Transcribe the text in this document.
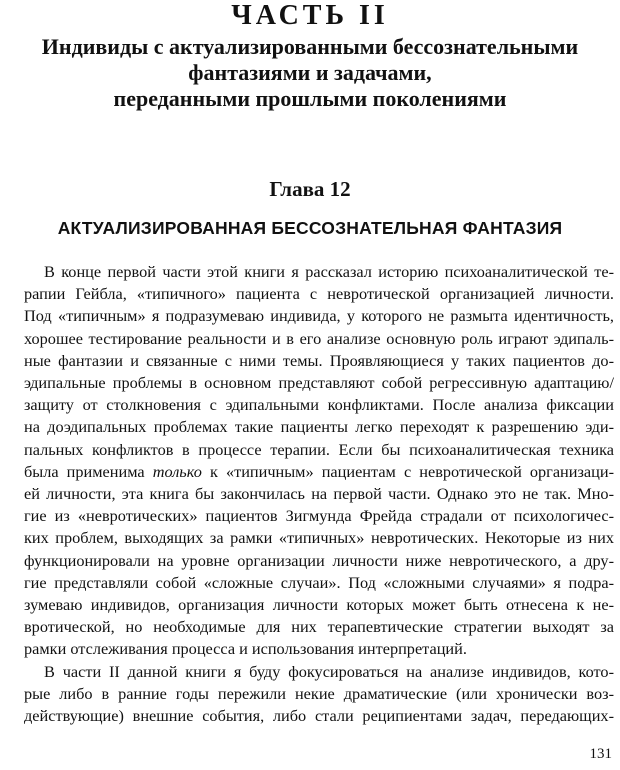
ЧАСТЬ II
Индивиды с актуализированными бессознательными
фантазиями и задачами,
переданными прошлыми поколениями
Глава 12
АКТУАЛИЗИРОВАННАЯ БЕССОЗНАТЕЛЬНАЯ ФАНТАЗИЯ
В конце первой части этой книги я рассказал историю психоаналитической те-
рапии Гейбла, «типичного» пациента с невротической организацией личности.
Под «типичным» я подразумеваю индивида, у которого не размыта идентичность,
хорошее тестирование реальности и в его анализе основную роль играют эдипаль-
ные фантазии и связанные с ними темы. Проявляющиеся у таких пациентов до-
эдипальные проблемы в основном представляют собой регрессивную адаптацию/
защиту от столкновения с эдипальными конфликтами. После анализа фиксации
на доэдипальных проблемах такие пациенты легко переходят к разрешению эди-
пальных конфликтов в процессе терапии. Если бы психоаналитическая техника
была применима только к «типичным» пациентам с невротической организаци-
ей личности, эта книга бы закончилась на первой части. Однако это не так. Мно-
гие из «невротических» пациентов Зигмунда Фрейда страдали от психологичес-
ких проблем, выходящих за рамки «типичных» невротических. Некоторые из них
функционировали на уровне организации личности ниже невротического, а дру-
гие представляли собой «сложные случаи». Под «сложными случаями» я подра-
зумеваю индивидов, организация личности которых может быть отнесена к не-
вротической, но необходимые для них терапевтические стратегии выходят за
рамки отслеживания процесса и использования интерпретаций.
В части II данной книги я буду фокусироваться на анализе индивидов, кото-
рые либо в ранние годы пережили некие драматические (или хронически воз-
действующие) внешние события, либо стали реципиентами задач, передающих-
131
